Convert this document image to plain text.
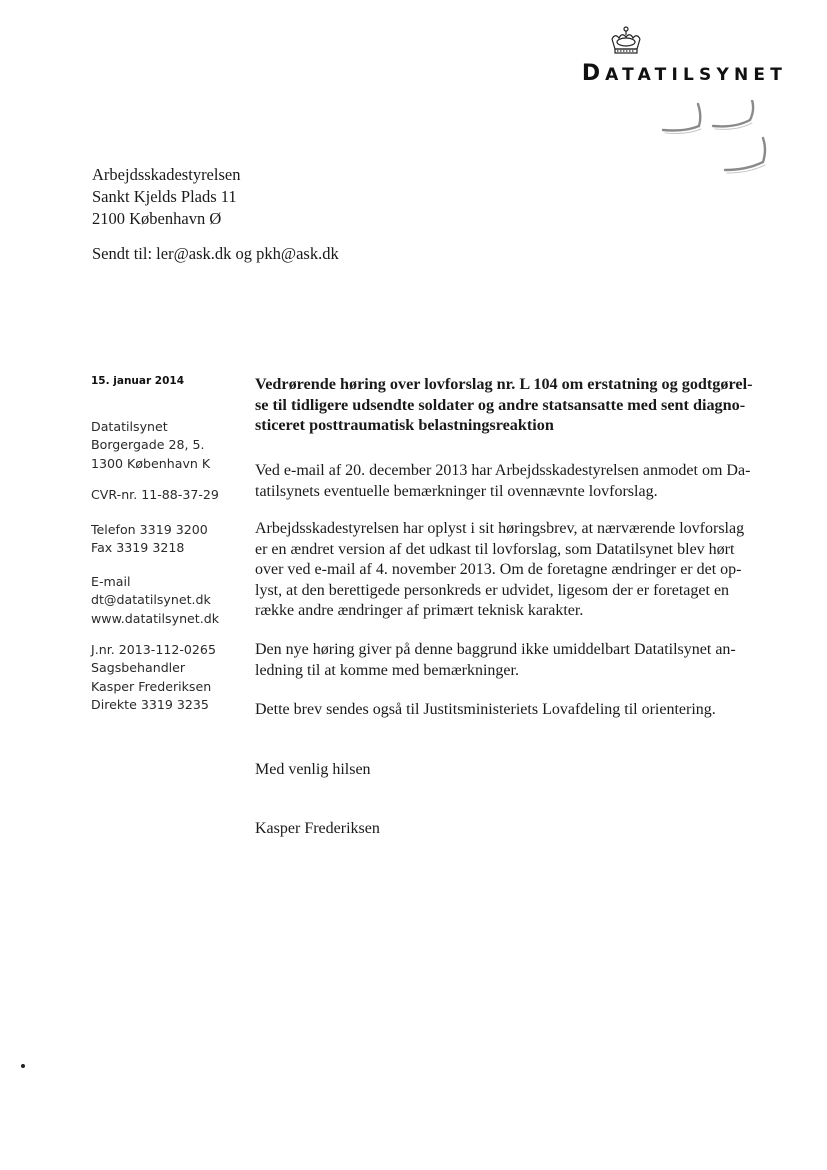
DATATILSYNET
Arbejdsskadestyrelsen
Sankt Kjelds Plads 11
2100 København Ø
Sendt til: ler@ask.dk og pkh@ask.dk
15. januar 2014
Datatilsynet
Borgergade 28, 5.
1300 København K
CVR-nr. 11-88-37-29
Telefon 3319 3200
Fax 3319 3218
E-mail
dt@datatilsynet.dk
www.datatilsynet.dk
J.nr. 2013-112-0265
Sagsbehandler
Kasper Frederiksen
Direkte 3319 3235
Vedrørende høring over lovforslag nr. L 104 om erstatning og godtgørel-
se til tidligere udsendte soldater og andre statsansatte med sent diagno-
sticeret posttraumatisk belastningsreaktion
Ved e-mail af 20. december 2013 har Arbejdsskadestyrelsen anmodet om Da-
tatilsynets eventuelle bemærkninger til ovennævnte lovforslag.
Arbejdsskadestyrelsen har oplyst i sit høringsbrev, at nærværende lovforslag
er en ændret version af det udkast til lovforslag, som Datatilsynet blev hørt
over ved e-mail af 4. november 2013. Om de foretagne ændringer er det op-
lyst, at den berettigede personkreds er udvidet, ligesom der er foretaget en
række andre ændringer af primært teknisk karakter.
Den nye høring giver på denne baggrund ikke umiddelbart Datatilsynet an-
ledning til at komme med bemærkninger.
Dette brev sendes også til Justitsministeriets Lovafdeling til orientering.
Med venlig hilsen
Kasper Frederiksen
